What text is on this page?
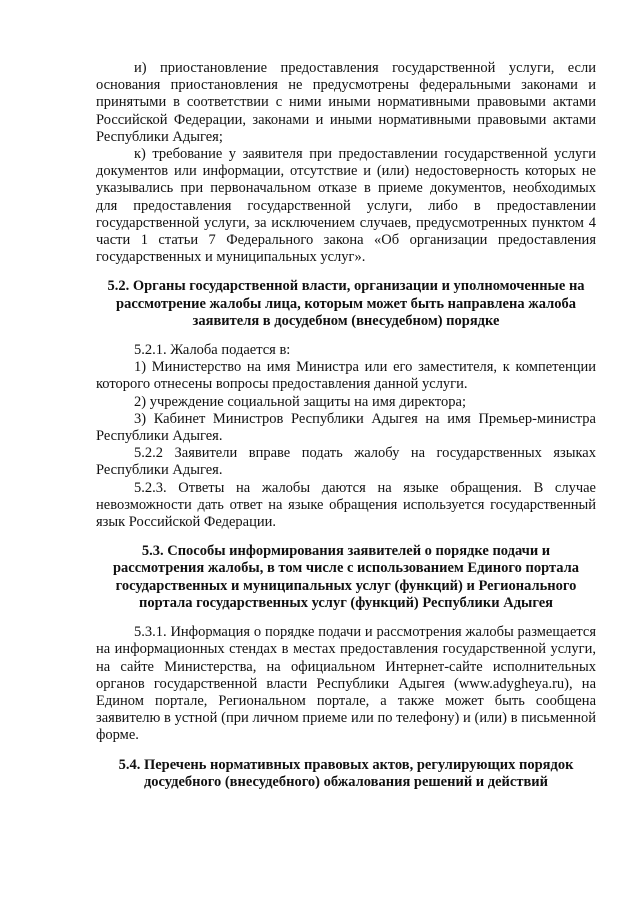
и) приостановление предоставления государственной услуги, если основания приостановления не предусмотрены федеральными законами и принятыми в соответствии с ними иными нормативными правовыми актами Российской Федерации, законами и иными нормативными правовыми актами Республики Адыгея;

к) требование у заявителя при предоставлении государственной услуги документов или информации, отсутствие и (или) недостоверность которых не указывались при первоначальном отказе в приеме документов, необходимых для предоставления государственной услуги, либо в предоставлении государственной услуги, за исключением случаев, предусмотренных пунктом 4 части 1 статьи 7 Федерального закона «Об организации предоставления государственных и муниципальных услуг».

5.2. Органы государственной власти, организации и уполномоченные на рассмотрение жалобы лица, которым может быть направлена жалоба заявителя в досудебном (внесудебном) порядке

5.2.1. Жалоба подается в:

1) Министерство на имя Министра или его заместителя, к компетенции которого отнесены вопросы предоставления данной услуги.

2) учреждение социальной защиты на имя директора;

3) Кабинет Министров Республики Адыгея на имя Премьер-министра Республики Адыгея.

5.2.2 Заявители вправе подать жалобу на государственных языках Республики Адыгея.

5.2.3. Ответы на жалобы даются на языке обращения. В случае невозможности дать ответ на языке обращения используется государственный язык Российской Федерации.

5.3. Способы информирования заявителей о порядке подачи и рассмотрения жалобы, в том числе с использованием Единого портала государственных и муниципальных услуг (функций) и Регионального портала государственных услуг (функций) Республики Адыгея

5.3.1. Информация о порядке подачи и рассмотрения жалобы размещается на информационных стендах в местах предоставления государственной услуги, на сайте Министерства, на официальном Интернет-сайте исполнительных органов государственной власти Республики Адыгея (www.adygheya.ru), на Едином портале, Региональном портале, а также может быть сообщена заявителю в устной (при личном приеме или по телефону) и (или) в письменной форме.

5.4. Перечень нормативных правовых актов, регулирующих порядок досудебного (внесудебного) обжалования решений и действий
